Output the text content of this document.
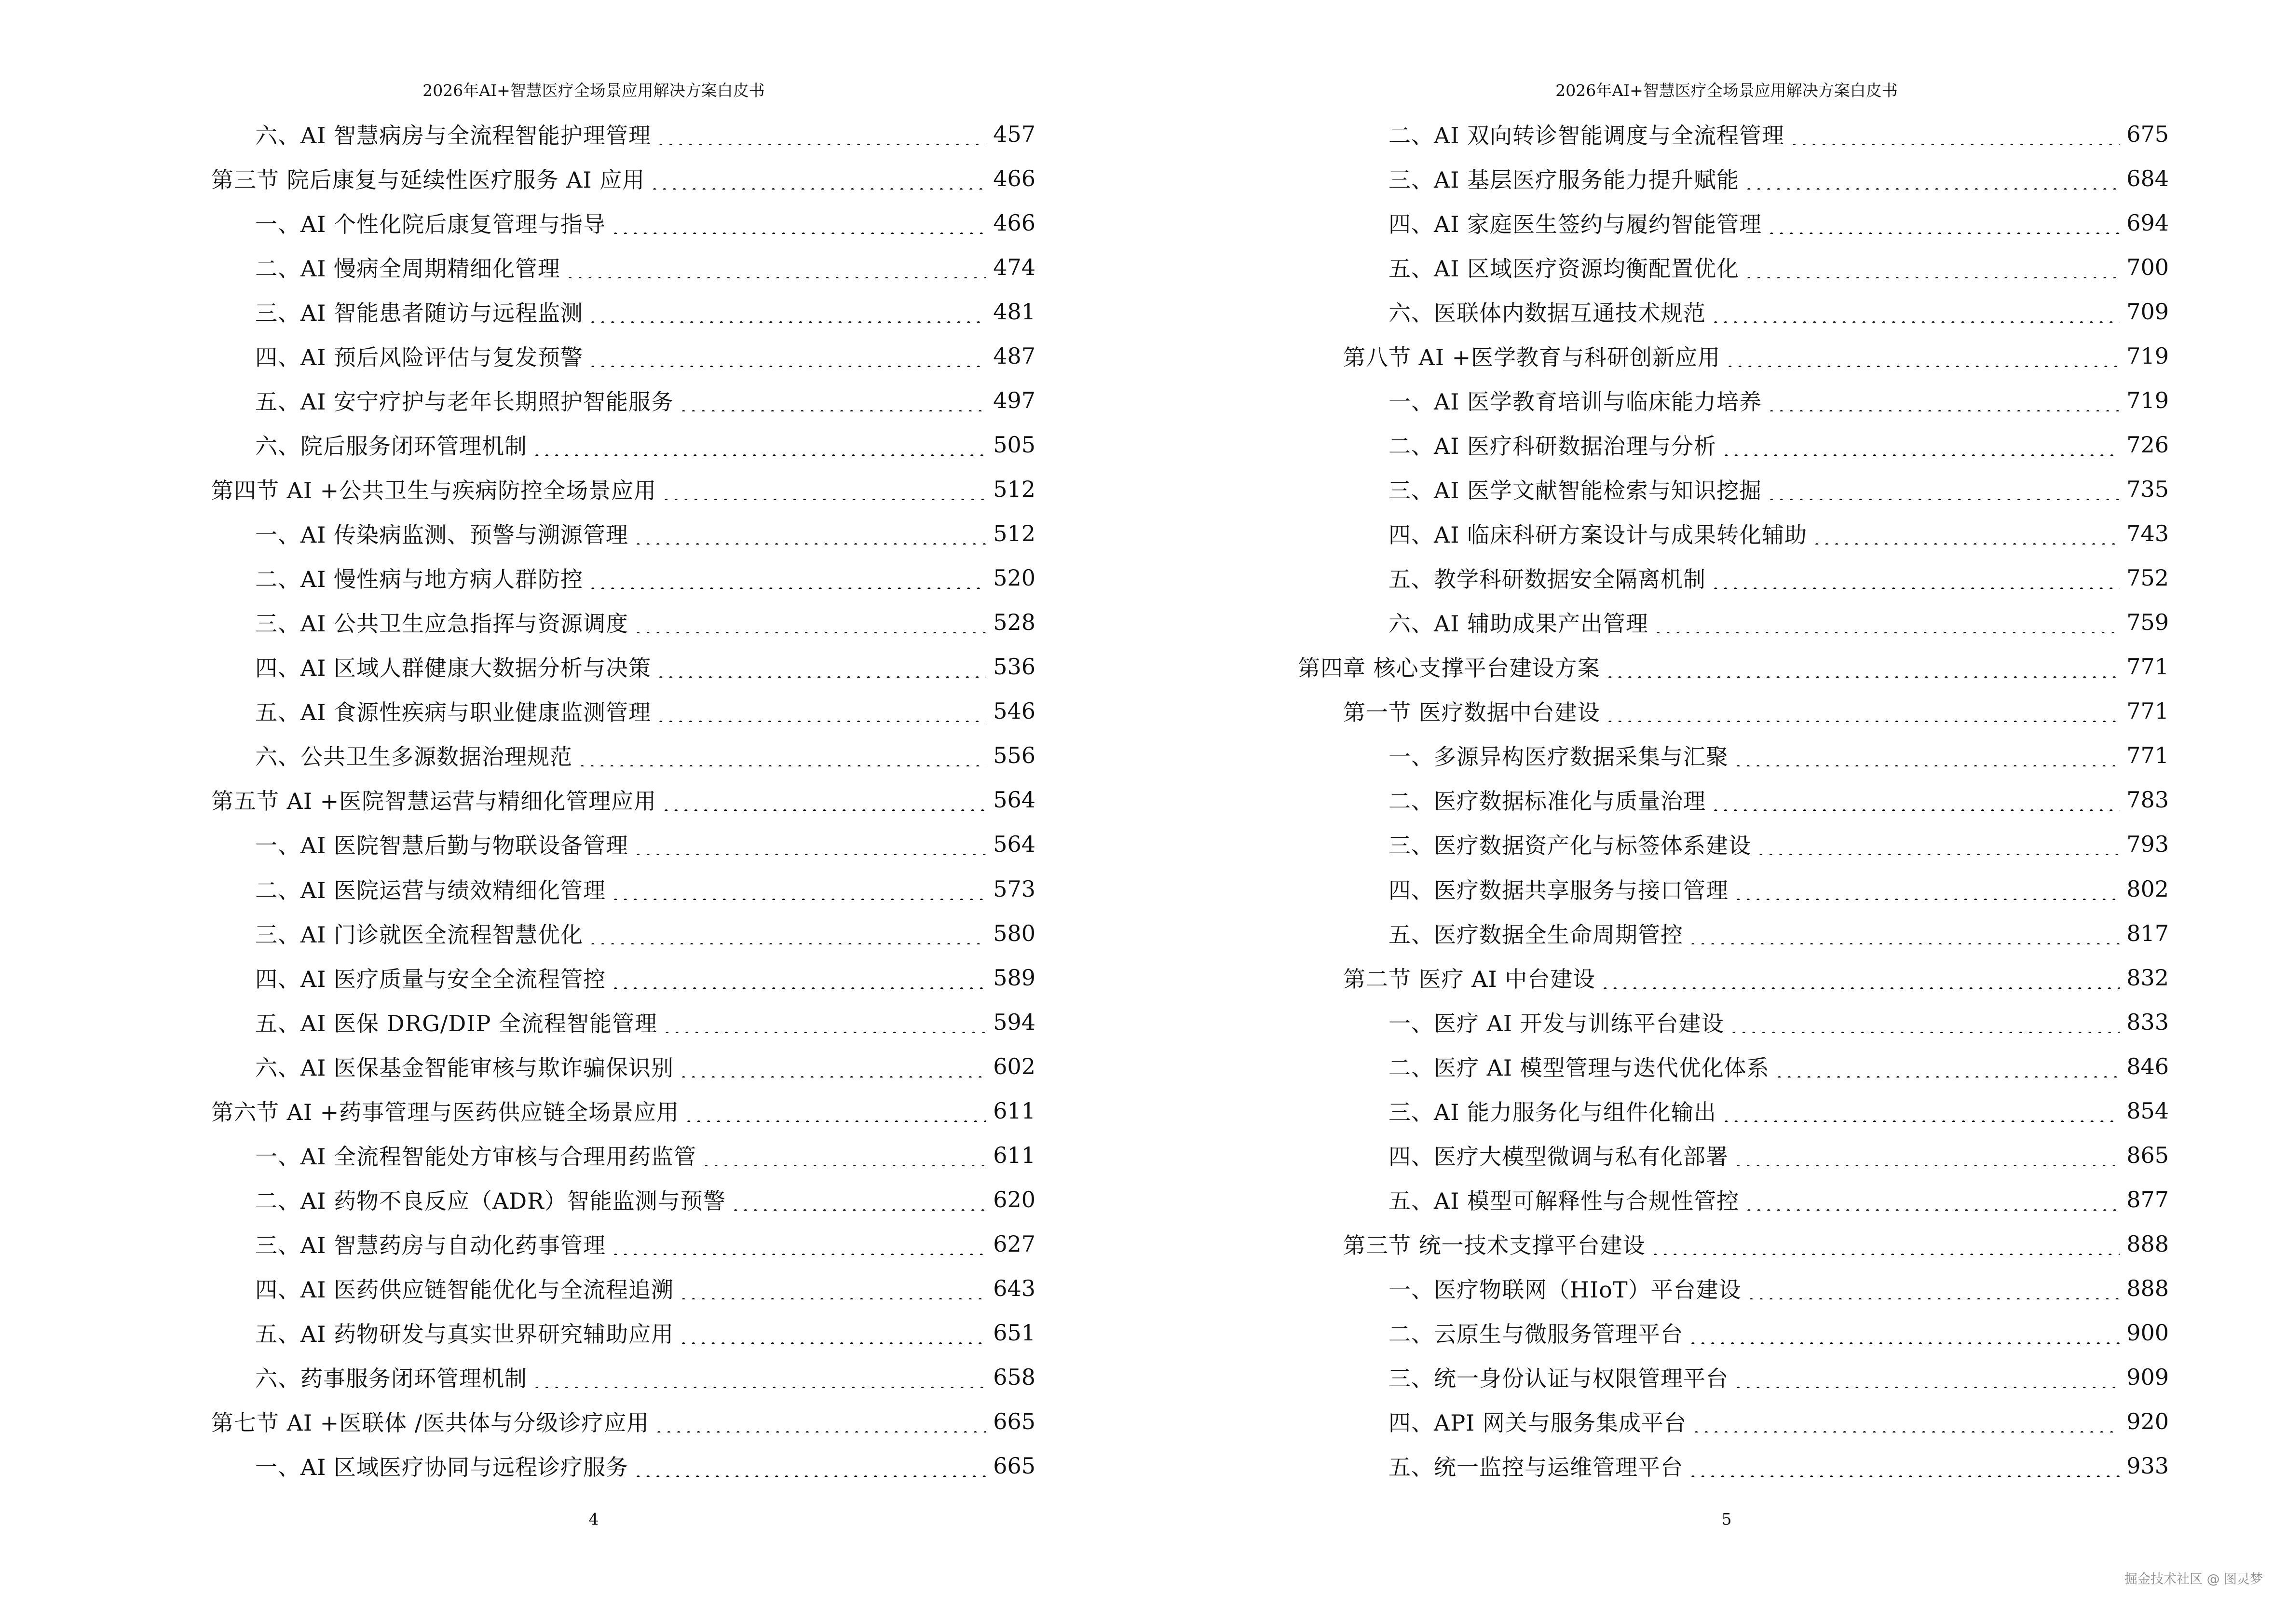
2026年AI+智慧医疗全场景应用解决方案白皮书
六、AI 智慧病房与全流程智能护理管理	457
第三节 院后康复与延续性医疗服务 AI 应用	466
一、AI 个性化院后康复管理与指导	466
二、AI 慢病全周期精细化管理	474
三、AI 智能患者随访与远程监测	481
四、AI 预后风险评估与复发预警	487
五、AI 安宁疗护与老年长期照护智能服务	497
六、院后服务闭环管理机制	505
第四节 AI +公共卫生与疾病防控全场景应用	512
一、AI 传染病监测、预警与溯源管理	512
二、AI 慢性病与地方病人群防控	520
三、AI 公共卫生应急指挥与资源调度	528
四、AI 区域人群健康大数据分析与决策	536
五、AI 食源性疾病与职业健康监测管理	546
六、公共卫生多源数据治理规范	556
第五节 AI +医院智慧运营与精细化管理应用	564
一、AI 医院智慧后勤与物联设备管理	564
二、AI 医院运营与绩效精细化管理	573
三、AI 门诊就医全流程智慧优化	580
四、AI 医疗质量与安全全流程管控	589
五、AI 医保 DRG/DIP 全流程智能管理	594
六、AI 医保基金智能审核与欺诈骗保识别	602
第六节 AI +药事管理与医药供应链全场景应用	611
一、AI 全流程智能处方审核与合理用药监管	611
二、AI 药物不良反应（ADR）智能监测与预警	620
三、AI 智慧药房与自动化药事管理	627
四、AI 医药供应链智能优化与全流程追溯	643
五、AI 药物研发与真实世界研究辅助应用	651
六、药事服务闭环管理机制	658
第七节 AI +医联体 /医共体与分级诊疗应用	665
一、AI 区域医疗协同与远程诊疗服务	665
4
2026年AI+智慧医疗全场景应用解决方案白皮书
二、AI 双向转诊智能调度与全流程管理	675
三、AI 基层医疗服务能力提升赋能	684
四、AI 家庭医生签约与履约智能管理	694
五、AI 区域医疗资源均衡配置优化	700
六、医联体内数据互通技术规范	709
第八节 AI +医学教育与科研创新应用	719
一、AI 医学教育培训与临床能力培养	719
二、AI 医疗科研数据治理与分析	726
三、AI 医学文献智能检索与知识挖掘	735
四、AI 临床科研方案设计与成果转化辅助	743
五、教学科研数据安全隔离机制	752
六、AI 辅助成果产出管理	759
第四章 核心支撑平台建设方案	771
第一节 医疗数据中台建设	771
一、多源异构医疗数据采集与汇聚	771
二、医疗数据标准化与质量治理	783
三、医疗数据资产化与标签体系建设	793
四、医疗数据共享服务与接口管理	802
五、医疗数据全生命周期管控	817
第二节 医疗 AI 中台建设	832
一、医疗 AI 开发与训练平台建设	833
二、医疗 AI 模型管理与迭代优化体系	846
三、AI 能力服务化与组件化输出	854
四、医疗大模型微调与私有化部署	865
五、AI 模型可解释性与合规性管控	877
第三节 统一技术支撑平台建设	888
一、医疗物联网（HIoT）平台建设	888
二、云原生与微服务管理平台	900
三、统一身份认证与权限管理平台	909
四、API 网关与服务集成平台	920
五、统一监控与运维管理平台	933
5
掘金技术社区 @ 图灵梦
